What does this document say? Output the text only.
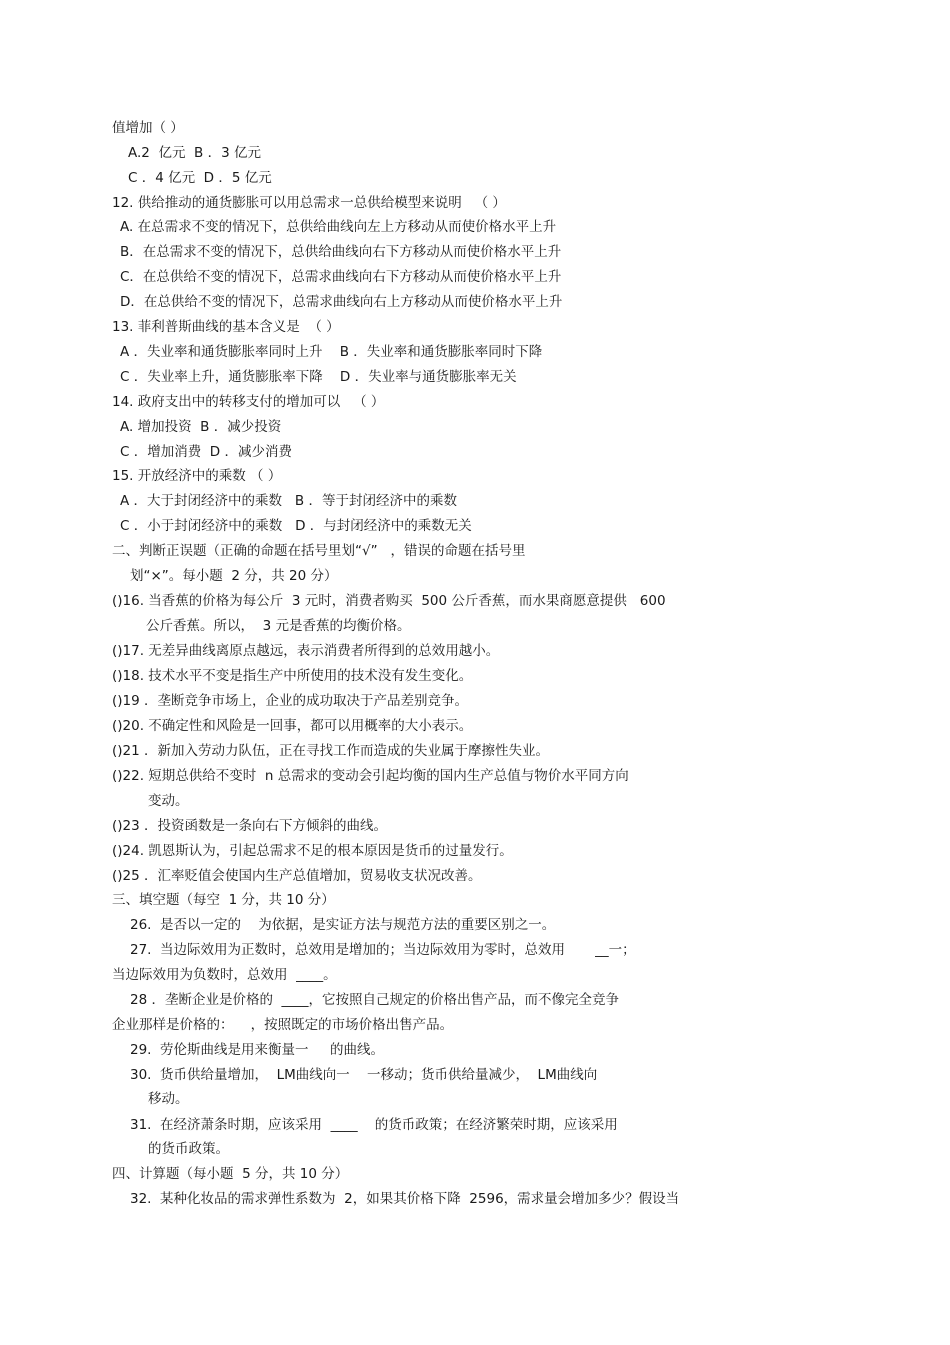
值增加（ ）
A.2  亿元  B ．3 亿元
C ．4 亿元  D ．5 亿元
12. 供给推动的通货膨胀可以用总需求一总供给模型来说明   （ ）
A. 在总需求不变的情况下，总供给曲线向左上方移动从而使价格水平上升
B．在总需求不变的情况下，总供给曲线向右下方移动从而使价格水平上升
C．在总供给不变的情况下，总需求曲线向右下方移动从而使价格水平上升
D．在总供给不变的情况下，总需求曲线向右上方移动从而使价格水平上升
13. 菲利普斯曲线的基本含义是  （ ）
A ．失业率和通货膨胀率同时上升    B ．失业率和通货膨胀率同时下降
C ．失业率上升，通货膨胀率下降    D ．失业率与通货膨胀率无关
14. 政府支出中的转移支付的增加可以   （ ）
A. 增加投资  B ．减少投资
C ．增加消费  D ．减少消费
15. 开放经济中的乘数 （ ）
A ．大于封闭经济中的乘数   B ．等于封闭经济中的乘数
C ．小于封闭经济中的乘数   D ．与封闭经济中的乘数无关
二、判断正误题（正确的命题在括号里划“√”   ，错误的命题在括号里
划“×”。每小题  2 分，共 20 分）
()16. 当香蕉的价格为每公斤  3 元时，消费者购买  500 公斤香蕉，而水果商愿意提供   600
公斤香蕉。所以，  3 元是香蕉的均衡价格。
()17. 无差异曲线离原点越远，表示消费者所得到的总效用越小。
()18. 技术水平不变是指生产中所使用的技术没有发生变化。
()19 ．垄断竞争市场上，企业的成功取决于产品差别竞争。
()20. 不确定性和风险是一回事，都可以用概率的大小表示。
()21 ．新加入劳动力队伍，正在寻找工作而造成的失业属于摩擦性失业。
()22. 短期总供给不变时  n 总需求的变动会引起均衡的国内生产总值与物价水平同方向
变动。
()23 ．投资函数是一条向右下方倾斜的曲线。
()24. 凯恩斯认为，引起总需求不足的根本原因是货币的过量发行。
()25 ．汇率贬值会使国内生产总值增加，贸易收支状况改善。
三、填空题（每空  1 分，共 10 分）
26.  是否以一定的    为依据，是实证方法与规范方法的重要区别之一。
27.  当边际效用为正数时，总效用是增加的；当边际效用为零时，总效用       __一；
当边际效用为负数时，总效用  ____。
28 ．垄断企业是价格的  ____，它按照自己规定的价格出售产品，而不像完全竞争
企业那样是价格的：    ，按照既定的市场价格出售产品。
29.  劳伦斯曲线是用来衡量一     的曲线。
30.  货币供给量增加，  LM曲线向一    一移动；货币供给量减少，  LM曲线向
移动。
31.  在经济萧条时期，应该采用  ____    的货币政策；在经济繁荣时期，应该采用
的货币政策。
四、计算题（每小题  5 分，共 10 分）
32.  某种化妆品的需求弹性系数为  2，如果其价格下降  2596，需求量会增加多少？假设当
